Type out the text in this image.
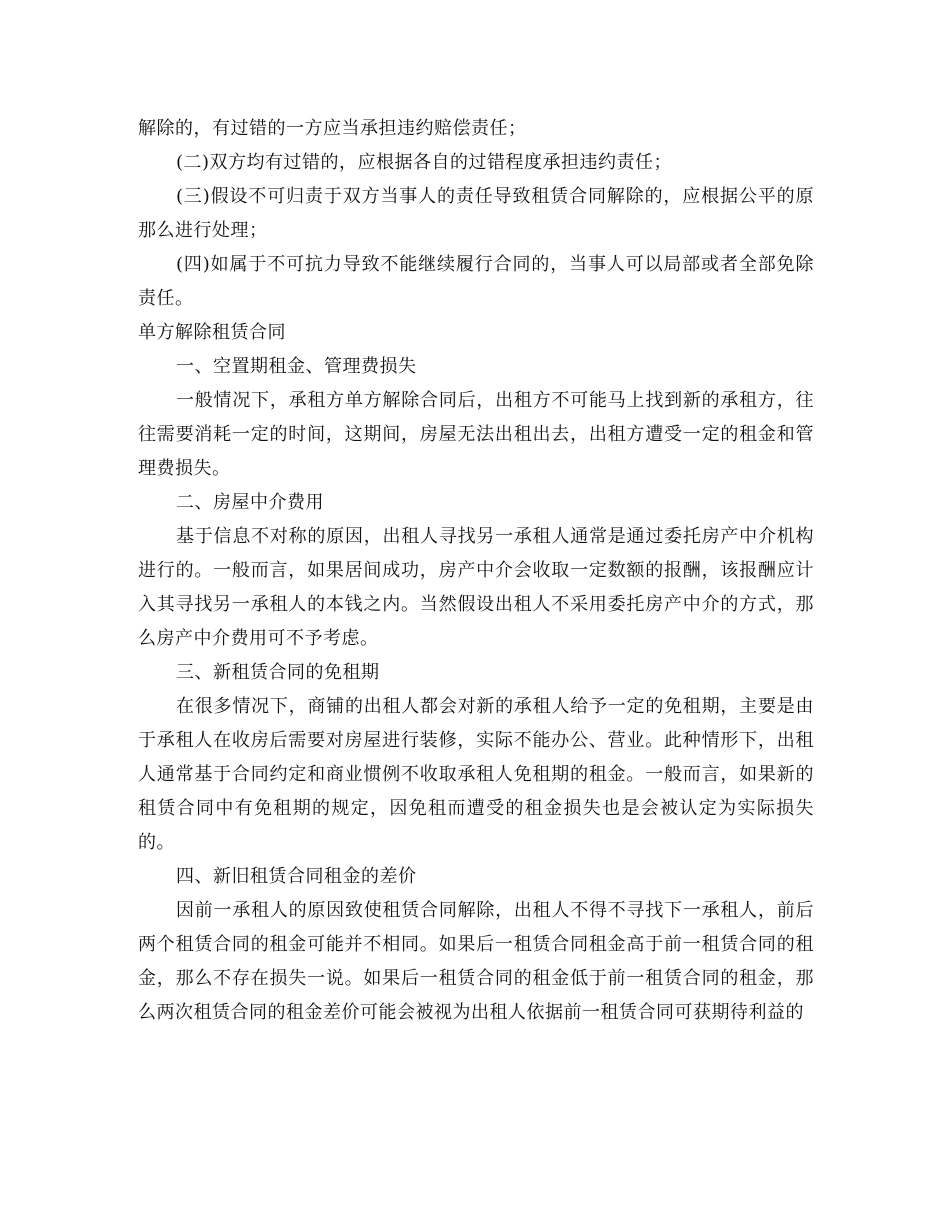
解除的，有过错的一方应当承担违约赔偿责任；

(二)双方均有过错的，应根据各自的过错程度承担违约责任；

(三)假设不可归责于双方当事人的责任导致租赁合同解除的，应根据公平的原那么进行处理；

(四)如属于不可抗力导致不能继续履行合同的，当事人可以局部或者全部免除责任。

单方解除租赁合同

一、空置期租金、管理费损失

一般情况下，承租方单方解除合同后，出租方不可能马上找到新的承租方，往往需要消耗一定的时间，这期间，房屋无法出租出去，出租方遭受一定的租金和管理费损失。

二、房屋中介费用

基于信息不对称的原因，出租人寻找另一承租人通常是通过委托房产中介机构进行的。一般而言，如果居间成功，房产中介会收取一定数额的报酬，该报酬应计入其寻找另一承租人的本钱之内。当然假设出租人不采用委托房产中介的方式，那么房产中介费用可不予考虑。

三、新租赁合同的免租期

在很多情况下，商铺的出租人都会对新的承租人给予一定的免租期，主要是由于承租人在收房后需要对房屋进行装修，实际不能办公、营业。此种情形下，出租人通常基于合同约定和商业惯例不收取承租人免租期的租金。一般而言，如果新的租赁合同中有免租期的规定，因免租而遭受的租金损失也是会被认定为实际损失的。

四、新旧租赁合同租金的差价

因前一承租人的原因致使租赁合同解除，出租人不得不寻找下一承租人，前后两个租赁合同的租金可能并不相同。如果后一租赁合同租金高于前一租赁合同的租金，那么不存在损失一说。如果后一租赁合同的租金低于前一租赁合同的租金，那么两次租赁合同的租金差价可能会被视为出租人依据前一租赁合同可获期待利益的
